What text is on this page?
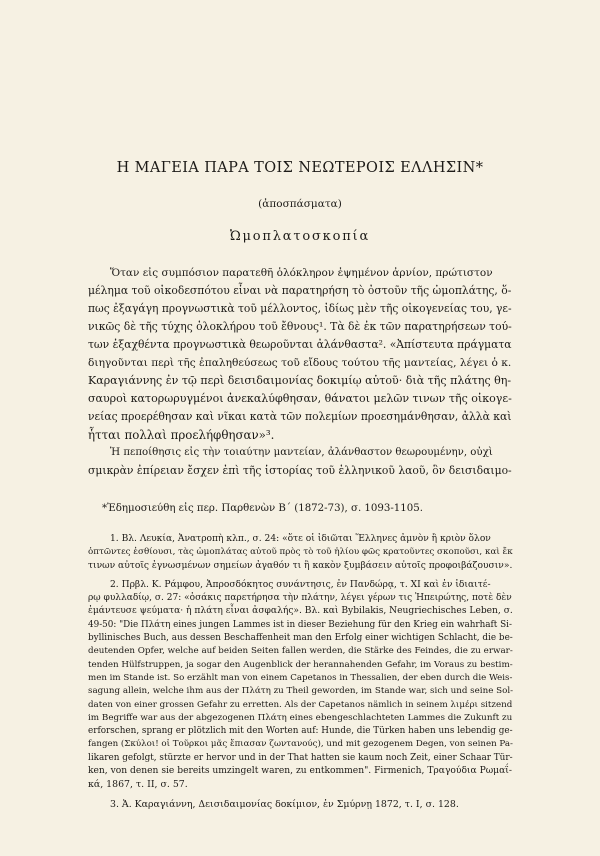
Η ΜΑΓΕΙΑ ΠΑΡΑ ΤΟΙΣ ΝΕΩΤΕΡΟΙΣ ΕΛΛΗΣΙΝ*
(ἀποσπάσματα)
Ὠμοπλατοσκοπία
Ὅταν εἰς συμπόσιον παρατεθῆ ὁλόκληρον ἐψημένον ἀρνίον, πρώτιστον
μέλημα τοῦ οἰκοδεσπότου εἶναι νὰ παρατηρήση τὸ ὀστοῦν τῆς ὠμοπλάτης, ὅ-
πως ἐξαγάγη προγνωστικὰ τοῦ μέλλοντος, ἰδίως μὲν τῆς οἰκογενείας του, γε-
νικῶς δὲ τῆς τύχης ὁλοκλήρου τοῦ ἔθνους¹. Τὰ δὲ ἐκ τῶν παρατηρήσεων τού-
των ἐξαχθέντα προγνωστικὰ θεωροῦνται ἀλάνθαστα². «Ἀπίστευτα πράγματα
διηγοῦνται περὶ τῆς ἐπαληθεύσεως τοῦ εἴδους τούτου τῆς μαντείας, λέγει ὁ κ.
Καραγιάννης ἐν τῷ περὶ δεισιδαιμονίας δοκιμίῳ αὐτοῦ· διὰ τῆς πλάτης θη-
σαυροὶ κατορωρυγμένοι ἀνεκαλύφθησαν, θάνατοι μελῶν τινων τῆς οἰκογε-
νείας προερέθησαν καὶ νῖκαι κατὰ τῶν πολεμίων προεσημάνθησαν, ἀλλὰ καὶ
ἧτται πολλαὶ προελήφθησαν»³.
Ἡ πεποίθησις εἰς τὴν τοιαύτην μαντείαν, ἀλάνθαστον θεωρουμένην, οὐχὶ
σμικρὰν ἐπίρειαν ἔσχεν ἐπὶ τῆς ἱστορίας τοῦ ἑλληνικοῦ λαοῦ, ὃν δεισιδαιμο-
*Ἐδημοσιεύθη εἰς περ. Παρθενὼν Β´ (1872-73), σ. 1093-1105.
1. Βλ. Λευκία, Ἀνατροπὴ κλπ., σ. 24: «ὅτε οἱ ἰδιῶται Ἕλληνες ἀμνὸν ἢ κριὸν ὅλον
ὀπτῶντες ἐσθίουσι, τὰς ὠμοπλάτας αὐτοῦ πρὸς τὸ τοῦ ἡλίου φῶς κρατοῦντες σκοποῦσι, καὶ ἔκ
τινων αὐτοῖς ἐγνωσμένων σημείων ἀγαθόν τι ἢ κακὸν ξυμβάσειν αὐτοῖς προφοιβάζουσιν».
2. Πρβλ. Κ. Ράμφου, Ἀπροσδόκητος συνάντησις, ἐν Πανδώρᾳ, τ. XI καὶ ἐν ἰδιαιτέ-
ρῳ φυλλαδίῳ, σ. 27: «ὁσάκις παρετήρησα τὴν πλάτην, λέγει γέρων τις Ἠπειρώτης, ποτὲ δὲν
ἐμάντευσε ψεύματα· ἡ πλάτη εἶναι ἀσφαλής». Βλ. καὶ Bybilakis, Neugriechisches Leben, σ.
49-50: "Die Πλάτη eines jungen Lammes ist in dieser Beziehung für den Krieg ein wahrhaft Si-
byllinisches Buch, aus dessen Beschaffenheit man den Erfolg einer wichtigen Schlacht, die be-
deutenden Opfer, welche auf beiden Seiten fallen werden, die Stärke des Feindes, die zu erwar-
tenden Hülfstruppen, ja sogar den Augenblick der herannahenden Gefahr, im Voraus zu bestim-
men im Stande ist. So erzählt man von einem Capetanos in Thessalien, der eben durch die Weis-
sagung allein, welche ihm aus der Πλάτη zu Theil geworden, im Stande war, sich und seine Sol-
daten von einer grossen Gefahr zu erretten. Als der Capetanos nämlich in seinem λιμέρι sitzend
im Begriffe war aus der abgezogenen Πλάτη eines ebengeschlachteten Lammes die Zukunft zu
erforschen, sprang er plötzlich mit den Worten auf: Hunde, die Türken haben uns lebendig ge-
fangen (Σκύλοι! οἱ Τοῦρκοι μᾶς ἔπιασαν ζωντανούς), und mit gezogenem Degen, von seinen Pa-
likaren gefolgt, stürzte er hervor und in der That hatten sie kaum noch Zeit, einer Schaar Tür-
ken, von denen sie bereits umzingelt waren, zu entkommen". Firmenich, Τραγούδια Ρωμαΐ-
κά, 1867, τ. ΙΙ, σ. 57.
3. Ἀ. Καραγιάννη, Δεισιδαιμονίας δοκίμιον, ἐν Σμύρνῃ 1872, τ. Ι, σ. 128.
